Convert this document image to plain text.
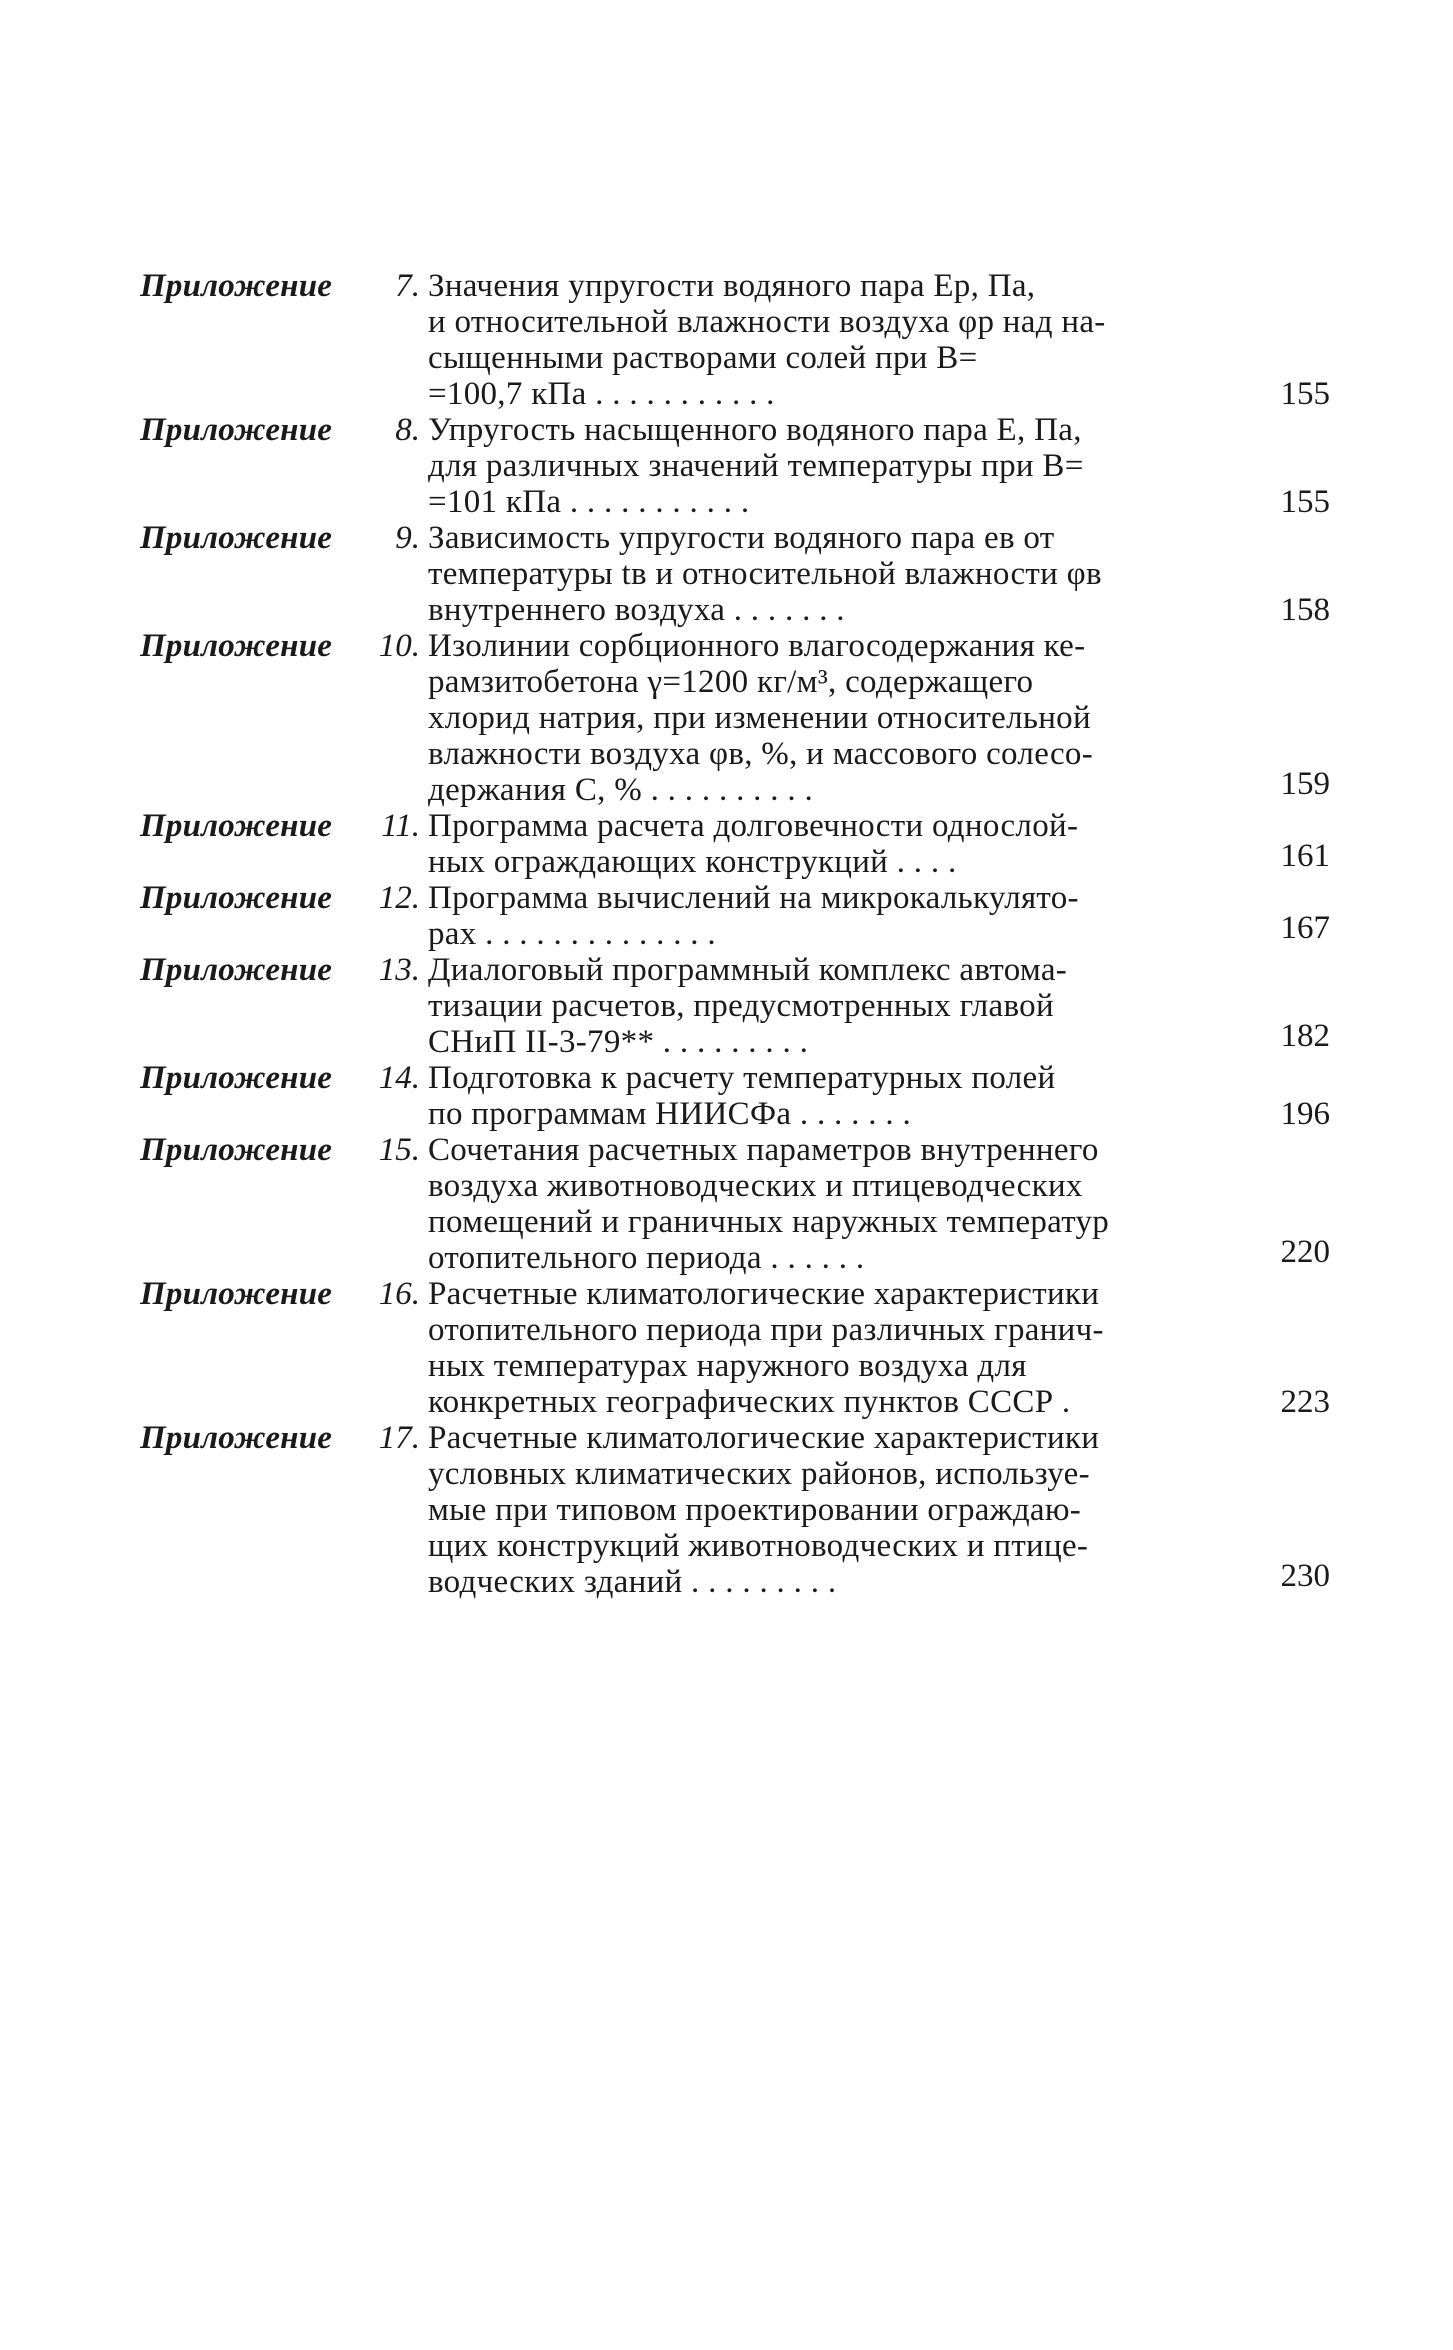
Приложение	7. Значения упругости водяного пара Eр, Па,
и относительной влажности воздуха φр над на-
сыщенными растворами солей при B=
=100,7 кПа . . . . . . . . . . .	155
Приложение	8. Упругость насыщенного водяного пара E, Па,
для различных значений температуры при B=
=101 кПа . . . . . . . . . . .	155
Приложение	9. Зависимость упругости водяного пара eв от
температуры tв и относительной влажности φв
внутреннего воздуха . . . . . . .	158
Приложение	10. Изолинии сорбционного влагосодержания ке-
рамзитобетона γ=1200 кг/м³, содержащего
хлорид натрия, при изменении относительной
влажности воздуха φв, %, и массового солесо-
держания С, % . . . . . . . . . .	159
Приложение	11. Программа расчета долговечности однослой-
ных ограждающих конструкций . . . .	161
Приложение	12. Программа вычислений на микрокалькулято-
рах . . . . . . . . . . . . . .	167
Приложение	13. Диалоговый программный комплекс автома-
тизации расчетов, предусмотренных главой
СНиП II-3-79** . . . . . . . . .	182
Приложение	14. Подготовка к расчету температурных полей
по программам НИИСФа . . . . . . .	196
Приложение	15. Сочетания расчетных параметров внутреннего
воздуха животноводческих и птицеводческих
помещений и граничных наружных температур
отопительного периода . . . . . .	220
Приложение	16. Расчетные климатологические характеристики
отопительного периода при различных гранич-
ных температурах наружного воздуха для
конкретных географических пунктов СССР .	223
Приложение	17. Расчетные климатологические характеристики
условных климатических районов, используе-
мые при типовом проектировании ограждаю-
щих конструкций животноводческих и птице-
водческих зданий . . . . . . . . .	230
